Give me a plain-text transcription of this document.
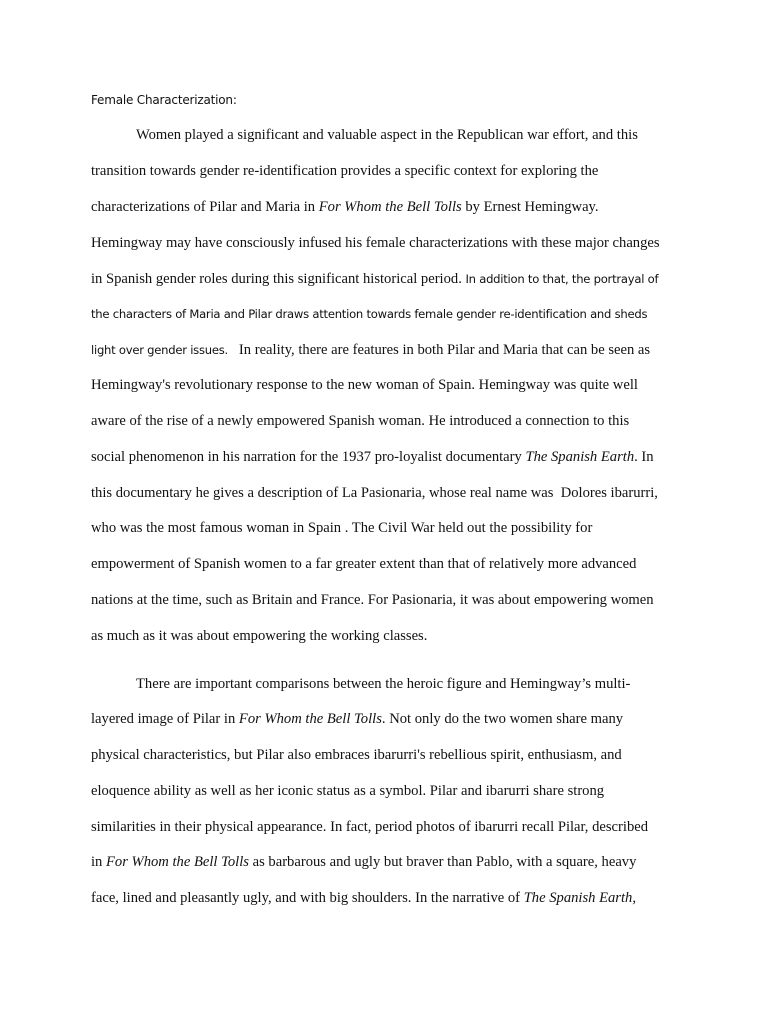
Female Characterization:
Women played a significant and valuable aspect in the Republican war effort, and this
transition towards gender re-identification provides a specific context for exploring the
characterizations of Pilar and Maria in For Whom the Bell Tolls by Ernest Hemingway.
Hemingway may have consciously infused his female characterizations with these major changes
in Spanish gender roles during this significant historical period. In addition to that, the portrayal of
the characters of Maria and Pilar draws attention towards female gender re-identification and sheds
light over gender issues.   In reality, there are features in both Pilar and Maria that can be seen as
Hemingway's revolutionary response to the new woman of Spain. Hemingway was quite well
aware of the rise of a newly empowered Spanish woman. He introduced a connection to this
social phenomenon in his narration for the 1937 pro-loyalist documentary The Spanish Earth. In
this documentary he gives a description of La Pasionaria, whose real name was  Dolores ibarurri,
who was the most famous woman in Spain . The Civil War held out the possibility for
empowerment of Spanish women to a far greater extent than that of relatively more advanced
nations at the time, such as Britain and France. For Pasionaria, it was about empowering women
as much as it was about empowering the working classes.
There are important comparisons between the heroic figure and Hemingway’s multi-
layered image of Pilar in For Whom the Bell Tolls. Not only do the two women share many
physical characteristics, but Pilar also embraces ibarurri's rebellious spirit, enthusiasm, and
eloquence ability as well as her iconic status as a symbol. Pilar and ibarurri share strong
similarities in their physical appearance. In fact, period photos of ibarurri recall Pilar, described
in For Whom the Bell Tolls as barbarous and ugly but braver than Pablo, with a square, heavy
face, lined and pleasantly ugly, and with big shoulders. In the narrative of The Spanish Earth,
